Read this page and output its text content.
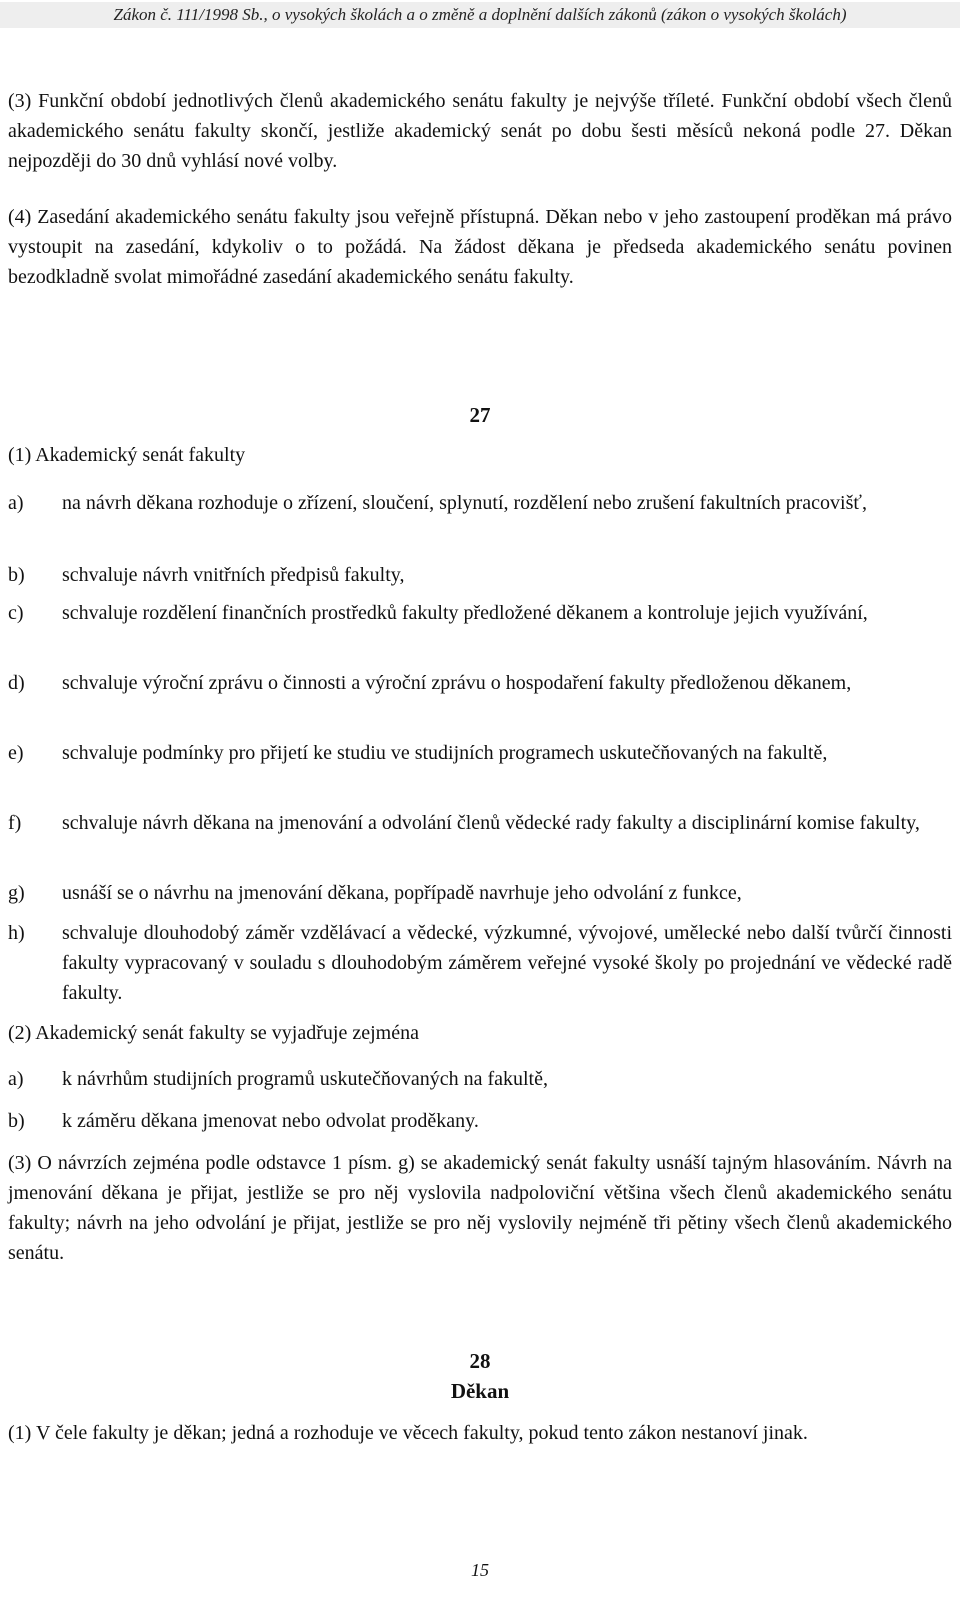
Zákon č. 111/1998 Sb., o vysokých školách a o změně a doplnění dalších zákonů (zákon o vysokých školách)

(3) Funkční období jednotlivých členů akademického senátu fakulty je nejvýše tříleté. Funkční období všech členů akademického senátu fakulty skončí, jestliže akademický senát po dobu šesti měsíců nekoná podle 27. Děkan nejpozději do 30 dnů vyhlásí nové volby.

(4) Zasedání akademického senátu fakulty jsou veřejně přístupná. Děkan nebo v jeho zastoupení proděkan má právo vystoupit na zasedání, kdykoliv o to požádá. Na žádost děkana je předseda akademického senátu povinen bezodkladně svolat mimořádné zasedání akademického senátu fakulty.

27

(1) Akademický senát fakulty

a)	na návrh děkana rozhoduje o zřízení, sloučení, splynutí, rozdělení nebo zrušení fakultních pracovišť,
b)	schvaluje návrh vnitřních předpisů fakulty,
c)	schvaluje rozdělení finančních prostředků fakulty předložené děkanem a kontroluje jejich využívání,
d)	schvaluje výroční zprávu o činnosti a výroční zprávu o hospodaření fakulty předloženou děkanem,
e)	schvaluje podmínky pro přijetí ke studiu ve studijních programech uskutečňovaných na fakultě,
f)	schvaluje návrh děkana na jmenování a odvolání členů vědecké rady fakulty a disciplinární komise fakulty,
g)	usnáší se o návrhu na jmenování děkana, popřípadě navrhuje jeho odvolání z funkce,
h)	schvaluje dlouhodobý záměr vzdělávací a vědecké, výzkumné, vývojové, umělecké nebo další tvůrčí činnosti fakulty vypracovaný v souladu s dlouhodobým záměrem veřejné vysoké školy po projednání ve vědecké radě fakulty.

(2) Akademický senát fakulty se vyjadřuje zejména

a)	k návrhům studijních programů uskutečňovaných na fakultě,
b)	k záměru děkana jmenovat nebo odvolat proděkany.

(3) O návrzích zejména podle odstavce 1 písm. g) se akademický senát fakulty usnáší tajným hlasováním. Návrh na jmenování děkana je přijat, jestliže se pro něj vyslovila nadpoloviční většina všech členů akademického senátu fakulty; návrh na jeho odvolání je přijat, jestliže se pro něj vyslovily nejméně tři pětiny všech členů akademického senátu.

28
Děkan

(1) V čele fakulty je děkan; jedná a rozhoduje ve věcech fakulty, pokud tento zákon nestanoví jinak.

15
